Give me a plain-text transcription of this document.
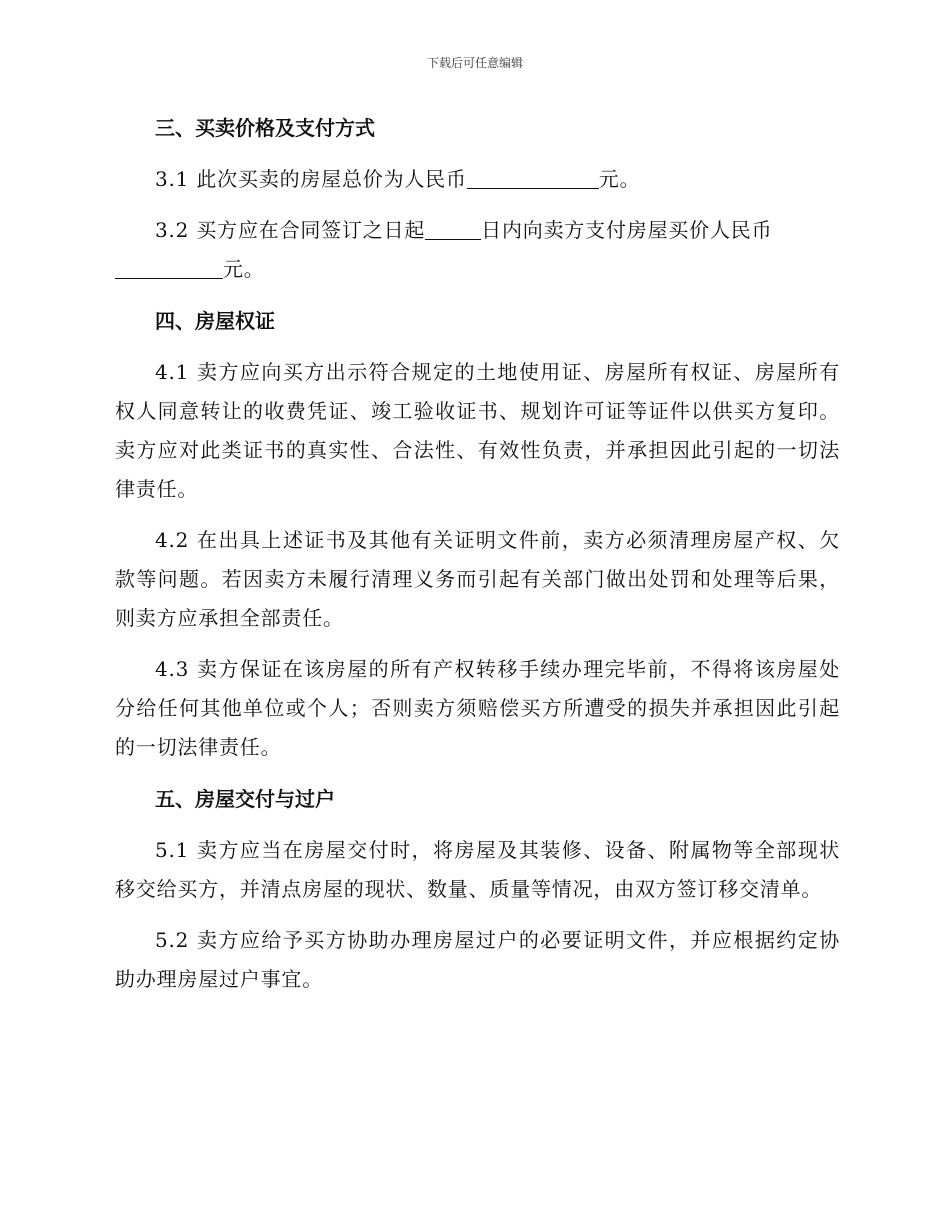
下载后可任意编辑
三、买卖价格及支付方式
3.1 此次买卖的房屋总价为人民币	元。
3.2 买方应在合同签订之日起	日内向卖方支付房屋买价人民币
元。
四、房屋权证
4.1 卖方应向买方出示符合规定的土地使用证、房屋所有权证、房屋所有权人同意转让的收费凭证、竣工验收证书、规划许可证等证件以供买方复印。卖方应对此类证书的真实性、合法性、有效性负责，并承担因此引起的一切法律责任。
4.2 在出具上述证书及其他有关证明文件前，卖方必须清理房屋产权、欠款等问题。若因卖方未履行清理义务而引起有关部门做出处罚和处理等后果，则卖方应承担全部责任。
4.3 卖方保证在该房屋的所有产权转移手续办理完毕前，不得将该房屋处分给任何其他单位或个人；否则卖方须赔偿买方所遭受的损失并承担因此引起的一切法律责任。
五、房屋交付与过户
5.1 卖方应当在房屋交付时，将房屋及其装修、设备、附属物等全部现状移交给买方，并清点房屋的现状、数量、质量等情况，由双方签订移交清单。
5.2 卖方应给予买方协助办理房屋过户的必要证明文件，并应根据约定协助办理房屋过户事宜。
